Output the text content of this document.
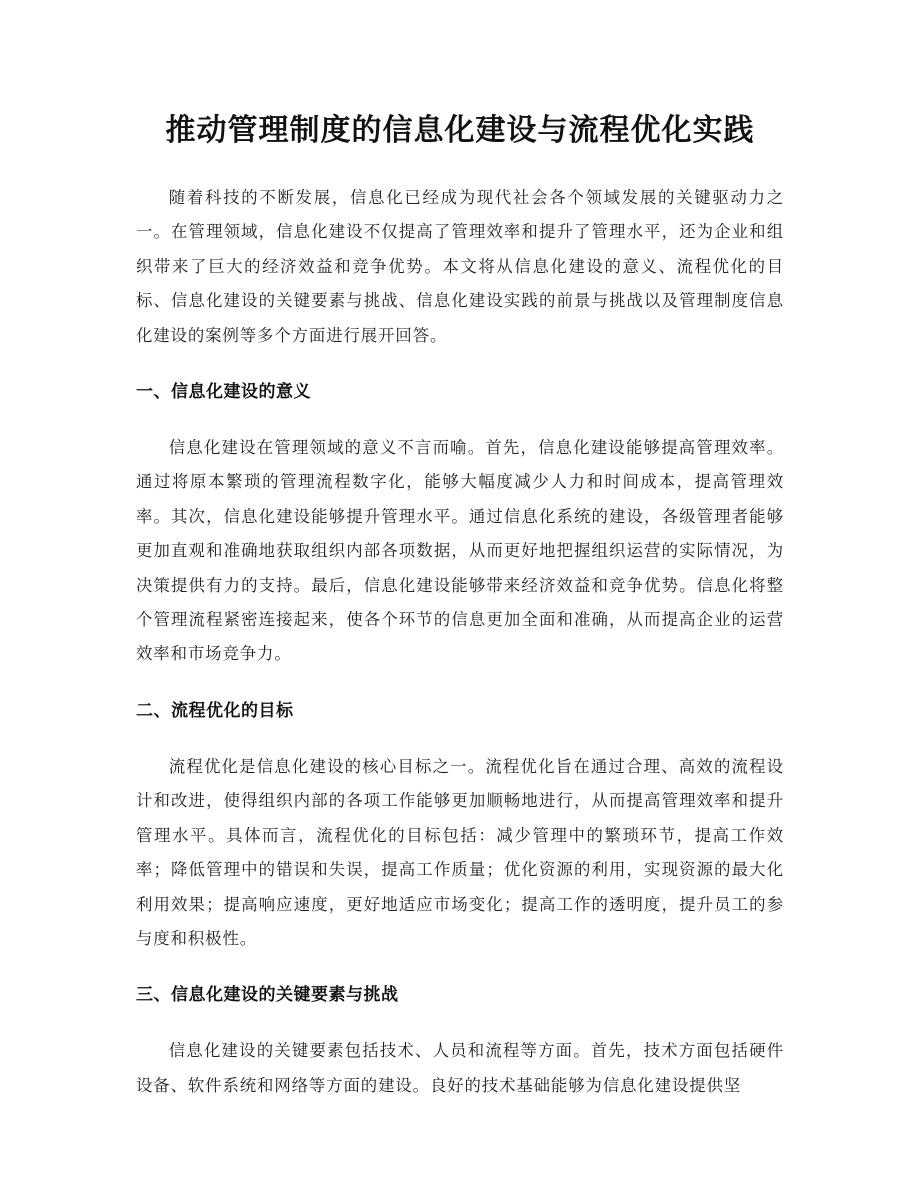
推动管理制度的信息化建设与流程优化实践

随着科技的不断发展，信息化已经成为现代社会各个领域发展的关键驱动力之一。在管理领域，信息化建设不仅提高了管理效率和提升了管理水平，还为企业和组织带来了巨大的经济效益和竞争优势。本文将从信息化建设的意义、流程优化的目标、信息化建设的关键要素与挑战、信息化建设实践的前景与挑战以及管理制度信息化建设的案例等多个方面进行展开回答。

一、信息化建设的意义

信息化建设在管理领域的意义不言而喻。首先，信息化建设能够提高管理效率。通过将原本繁琐的管理流程数字化，能够大幅度减少人力和时间成本，提高管理效率。其次，信息化建设能够提升管理水平。通过信息化系统的建设，各级管理者能够更加直观和准确地获取组织内部各项数据，从而更好地把握组织运营的实际情况，为决策提供有力的支持。最后，信息化建设能够带来经济效益和竞争优势。信息化将整个管理流程紧密连接起来，使各个环节的信息更加全面和准确，从而提高企业的运营效率和市场竞争力。

二、流程优化的目标

流程优化是信息化建设的核心目标之一。流程优化旨在通过合理、高效的流程设计和改进，使得组织内部的各项工作能够更加顺畅地进行，从而提高管理效率和提升管理水平。具体而言，流程优化的目标包括：减少管理中的繁琐环节，提高工作效率；降低管理中的错误和失误，提高工作质量；优化资源的利用，实现资源的最大化利用效果；提高响应速度，更好地适应市场变化；提高工作的透明度，提升员工的参与度和积极性。

三、信息化建设的关键要素与挑战

信息化建设的关键要素包括技术、人员和流程等方面。首先，技术方面包括硬件设备、软件系统和网络等方面的建设。良好的技术基础能够为信息化建设提供坚
